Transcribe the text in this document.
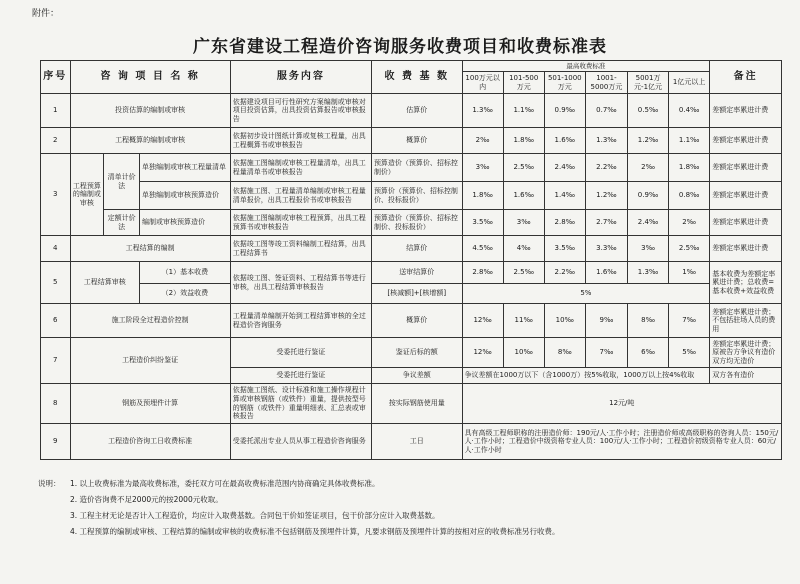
附件：
广东省建设工程造价咨询服务收费项目和收费标准表
序号	咨 询 项 目 名 称			服务内容	收 费 基 数	最高收费标准						备注
						100万元以内	101-500万元	501-1000万元	1001-5000万元	5001万元-1亿元	1亿元以上	
1	投资估算的编制或审核			依据建设项目可行性研究方案编制或审核对项目投资估算，出具投资估算报告或审核报告	估算价	1.3‰	1.1‰	0.9‰	0.7‰	0.5‰	0.4‰	差额定率累进计费
2	工程概算的编制或审核			依据初步设计图纸计算或复核工程量，出具工程概算书或审核报告	概算价	2‰	1.8‰	1.6‰	1.3‰	1.2‰	1.1‰	差额定率累进计费
3	工程预算的编制或审核	清单计价法	单独编制或审核工程量清单	依据施工图编制或审核工程量清单，出具工程量清单书或审核报告	预算造价（预算价、招标控制价）	3‰	2.5‰	2.4‰	2.2‰	2‰	1.8‰	差额定率累进计费
			单独编制或审核预算造价	依据施工图、工程量清单编制或审核工程量清单报价，出具工程报价书或审核报告	预算价（预算价、招标控制价、投标报价）	1.8‰	1.6‰	1.4‰	1.2‰	0.9‰	0.8‰	差额定率累进计费
		定额计价法	编制或审核预算造价	依据施工图编制或审核工程预算，出具工程预算书或审核报告	预算造价（预算价、招标控制价、投标报价）	3.5‰	3‰	2.8‰	2.7‰	2.4‰	2‰	差额定率累进计费
4	工程结算的编制			依据竣工图等竣工资料编制工程结算，出具工程结算书	结算价	4.5‰	4‰	3.5‰	3.3‰	3‰	2.5‰	差额定率累进计费
5	工程结算审核		（1）基本收费	依据竣工图、签证资料、工程结算书等进行审核，出具工程结算审核报告	送审结算价	2.8‰	2.5‰	2.2‰	1.6‰	1.3‰	1‰	基本收费为差额定率累进计费；总收费=基本收费+效益收费
			（2）效益收费		[核减额]+[核增额]	5%						
6	施工阶段全过程造价控制			工程量清单编制开始到工程结算审核的全过程造价咨询服务	概算价	12‰	11‰	10‰	9‰	8‰	7‰	差额定率累进计费；不包括驻场人员的费用
7	工程造价纠纷鉴证			受委托进行鉴证	鉴证后标的额	12‰	10‰	8‰	7‰	6‰	5‰	差额定率累进计费；原被告方争议有造价双方均无造价
				受委托进行鉴证	争议差额	争议差额在1000万以下（含1000万）按5%收取，1000万以上按4%收取						双方各有造价
8	钢筋及预埋件计算			依据施工图纸、设计标准和施工操作规程计算或审核钢筋（或铁件）重量，提供按型号的钢筋（或铁件）重量明细表、汇总表或审核报告	按实际钢筋使用量	12元/吨						
9	工程造价咨询工日收费标准			受委托派出专业人员从事工程造价咨询服务	工日	具有高级工程师职称的注册造价师：190元/人·工作小时；注册造价师或高级职称的咨询人员：150元/人·工作小时；工程造价中级资格专业人员：100元/人·工作小时；工程造价初级资格专业人员：60元/人·工作小时						
说明：	1. 以上收费标准为最高收费标准，委托双方可在最高收费标准范围内协商确定具体收费标准。
2. 造价咨询费不足2000元的按2000元收取。
3. 工程主材无论是否计入工程造价，均应计入取费基数。合同包干价如签证项目，包干价部分应计入取费基数。
4. 工程预算的编制或审核、工程结算的编制或审核的收费标准不包括钢筋及预埋件计算，凡要求钢筋及预埋件计算的按相对应的收费标准另行收费。
